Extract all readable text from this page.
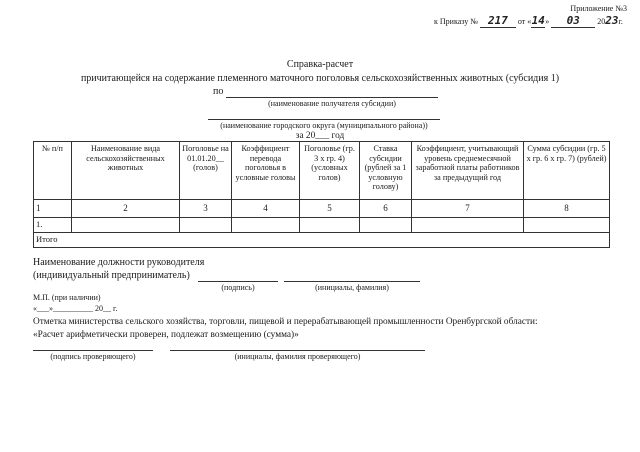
Приложение №3
к Приказу № 217 от «14» 03 2023г.
Справка-расчет
причитающейся на содержание племенного маточного поголовья сельскохозяйственных животных (субсидия 1)
по
(наименование получателя субсидии)
(наименование городского округа (муниципального района))
за 20___ год
№ п/п	Наименование вида сельскохозяйственных животных	Поголовье на 01.01.20__ (голов)	Коэффициент перевода поголовья в условные головы	Поголовье (гр. 3 х гр. 4) (условных голов)	Ставка субсидии (рублей за 1 условную голову)	Коэффициент, учитывающий уровень среднемесячной заработной платы работников за предыдущий год	Сумма субсидии (гр. 5 х гр. 6 х гр. 7) (рублей)
1	2	3	4	5	6	7	8
1.							
Итого							
Наименование должности руководителя
(индивидуальный предприниматель)
(подпись)	(инициалы, фамилия)
М.П. (при наличии)
«___»__________ 20__ г.
Отметка министерства сельского хозяйства, торговли, пищевой и перерабатывающей промышленности Оренбургской области:
«Расчет арифметически проверен, подлежат возмещению (сумма)»
(подпись проверяющего)	(инициалы, фамилия проверяющего)
